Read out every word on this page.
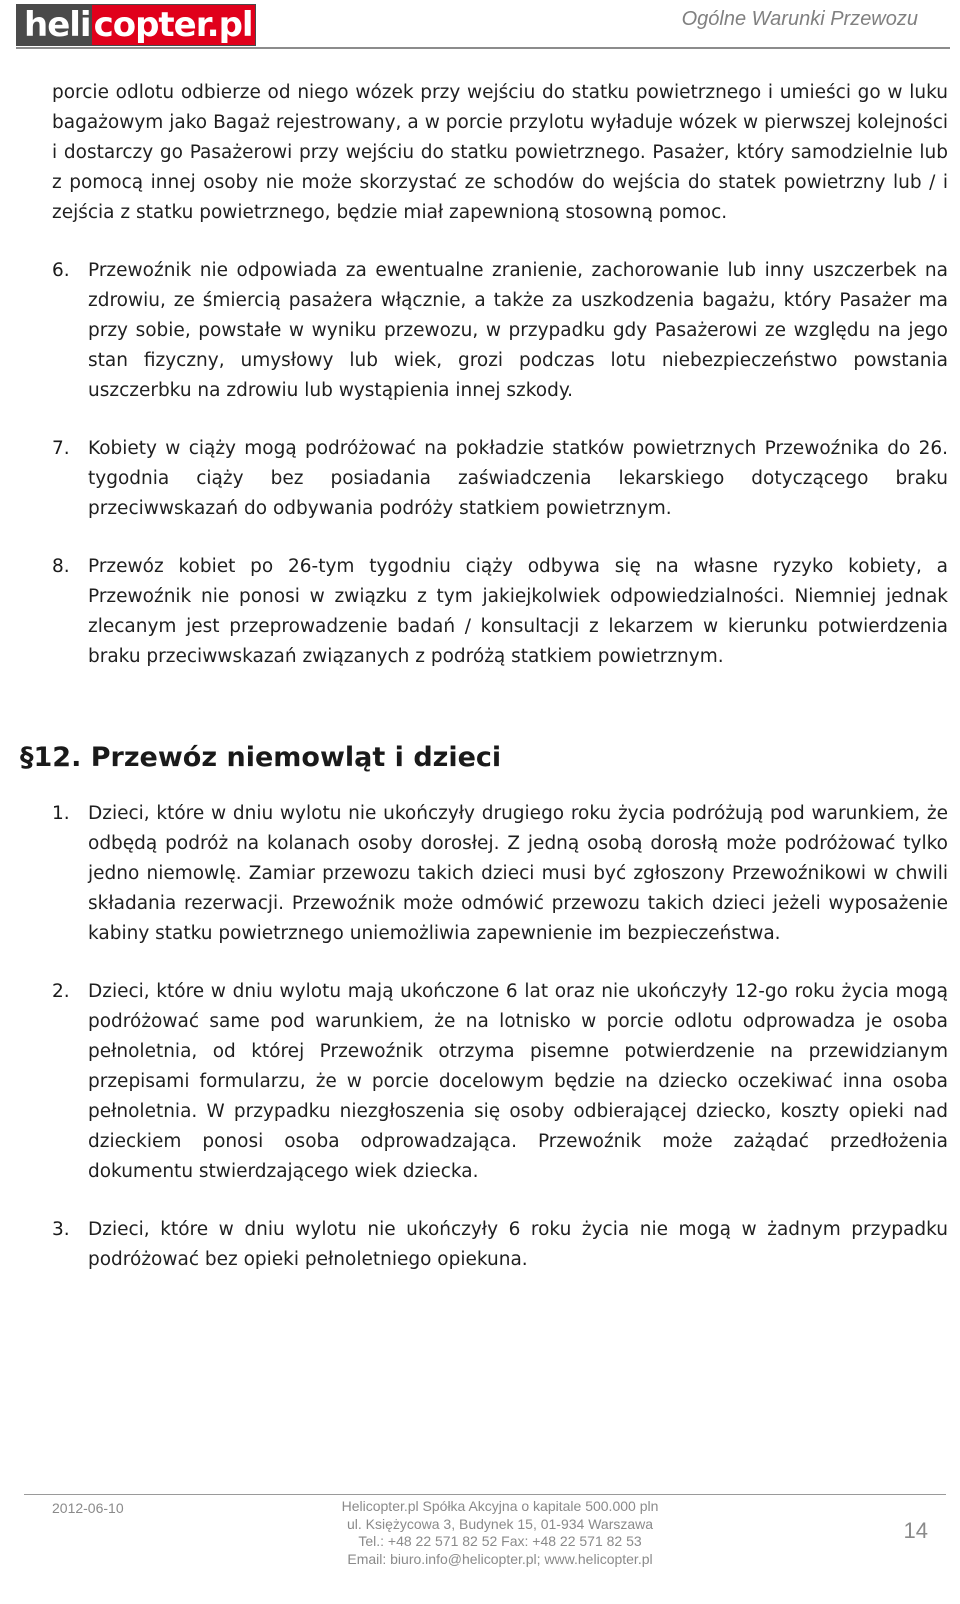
heli copter.pl	Ogólne Warunki Przewozu

porcie odlotu odbierze od niego wózek przy wejściu do statku powietrznego i umieści go w luku bagażowym jako Bagaż rejestrowany, a w porcie przylotu wyładuje wózek w pierwszej kolejności i dostarczy go Pasażerowi przy wejściu do statku powietrznego. Pasażer, który samodzielnie lub z pomocą innej osoby nie może skorzystać ze schodów do wejścia do statek powietrzny lub / i zejścia z statku powietrznego, będzie miał zapewnioną stosowną pomoc.

6. Przewoźnik nie odpowiada za ewentualne zranienie, zachorowanie lub inny uszczerbek na zdrowiu, ze śmiercią pasażera włącznie, a także za uszkodzenia bagażu, który Pasażer ma przy sobie, powstałe w wyniku przewozu, w przypadku gdy Pasażerowi ze względu na jego stan fizyczny, umysłowy lub wiek, grozi podczas lotu niebezpieczeństwo powstania uszczerbku na zdrowiu lub wystąpienia innej szkody.

7. Kobiety w ciąży mogą podróżować na pokładzie statków powietrznych Przewoźnika do 26. tygodnia ciąży bez posiadania zaświadczenia lekarskiego dotyczącego braku przeciwwskazań do odbywania podróży statkiem powietrznym.

8. Przewóz kobiet po 26-tym tygodniu ciąży odbywa się na własne ryzyko kobiety, a Przewoźnik nie ponosi w związku z tym jakiejkolwiek odpowiedzialności. Niemniej jednak zlecanym jest przeprowadzenie badań / konsultacji z lekarzem w kierunku potwierdzenia braku przeciwwskazań związanych z podróżą statkiem powietrznym.

§12. Przewóz niemowląt i dzieci
1. Dzieci, które w dniu wylotu nie ukończyły drugiego roku życia podróżują pod warunkiem, że odbędą podróż na kolanach osoby dorosłej. Z jedną osobą dorosłą może podróżować tylko jedno niemowlę. Zamiar przewozu takich dzieci musi być zgłoszony Przewoźnikowi w chwili składania rezerwacji. Przewoźnik może odmówić przewozu takich dzieci jeżeli wyposażenie kabiny statku powietrznego uniemożliwia zapewnienie im bezpieczeństwa.

2. Dzieci, które w dniu wylotu mają ukończone 6 lat oraz nie ukończyły 12-go roku życia mogą podróżować same pod warunkiem, że na lotnisko w porcie odlotu odprowadza je osoba pełnoletnia, od której Przewoźnik otrzyma pisemne potwierdzenie na przewidzianym przepisami formularzu, że w porcie docelowym będzie na dziecko oczekiwać inna osoba pełnoletnia. W przypadku niezgłoszenia się osoby odbierającej dziecko, koszty opieki nad dzieckiem ponosi osoba odprowadzająca. Przewoźnik może zażądać przedłożenia dokumentu stwierdzającego wiek dziecka.

3. Dzieci, które w dniu wylotu nie ukończyły 6 roku życia nie mogą w żadnym przypadku podróżować bez opieki pełnoletniego opiekuna.

2012-06-10	Helicopter.pl Spółka Akcyjna o kapitale 500.000 pln
ul. Księżycowa 3, Budynek 15, 01-934 Warszawa
Tel.: +48 22 571 82 52 Fax: +48 22 571 82 53
Email: biuro.info@helicopter.pl; www.helicopter.pl
14
